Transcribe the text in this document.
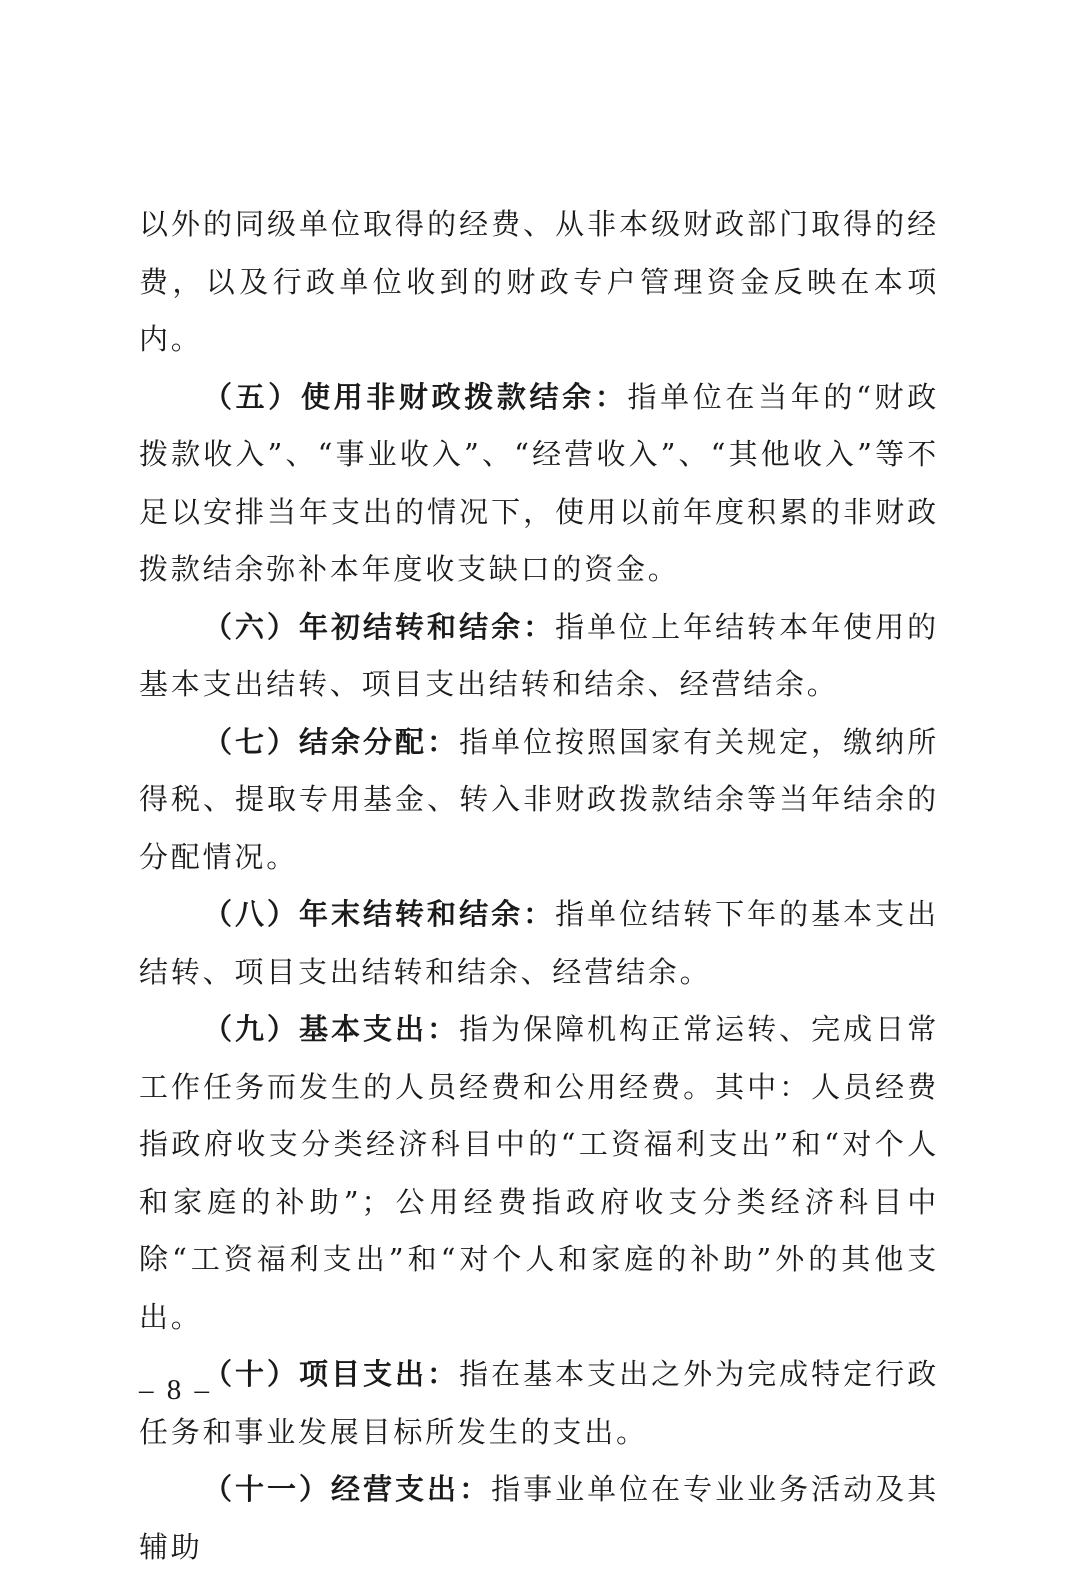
以外的同级单位取得的经费、从非本级财政部门取得的经费，以及行政单位收到的财政专户管理资金反映在本项内。

（五）使用非财政拨款结余：指单位在当年的“财政拨款收入”、“事业收入”、“经营收入”、“其他收入”等不足以安排当年支出的情况下，使用以前年度积累的非财政拨款结余弥补本年度收支缺口的资金。

（六）年初结转和结余：指单位上年结转本年使用的基本支出结转、项目支出结转和结余、经营结余。

（七）结余分配：指单位按照国家有关规定，缴纳所得税、提取专用基金、转入非财政拨款结余等当年结余的分配情况。

（八）年末结转和结余：指单位结转下年的基本支出结转、项目支出结转和结余、经营结余。

（九）基本支出：指为保障机构正常运转、完成日常工作任务而发生的人员经费和公用经费。其中：人员经费指政府收支分类经济科目中的“工资福利支出”和“对个人和家庭的补助”；公用经费指政府收支分类经济科目中除“工资福利支出”和“对个人和家庭的补助”外的其他支出。

（十）项目支出：指在基本支出之外为完成特定行政任务和事业发展目标所发生的支出。

（十一）经营支出：指事业单位在专业业务活动及其辅助

– 8 –
